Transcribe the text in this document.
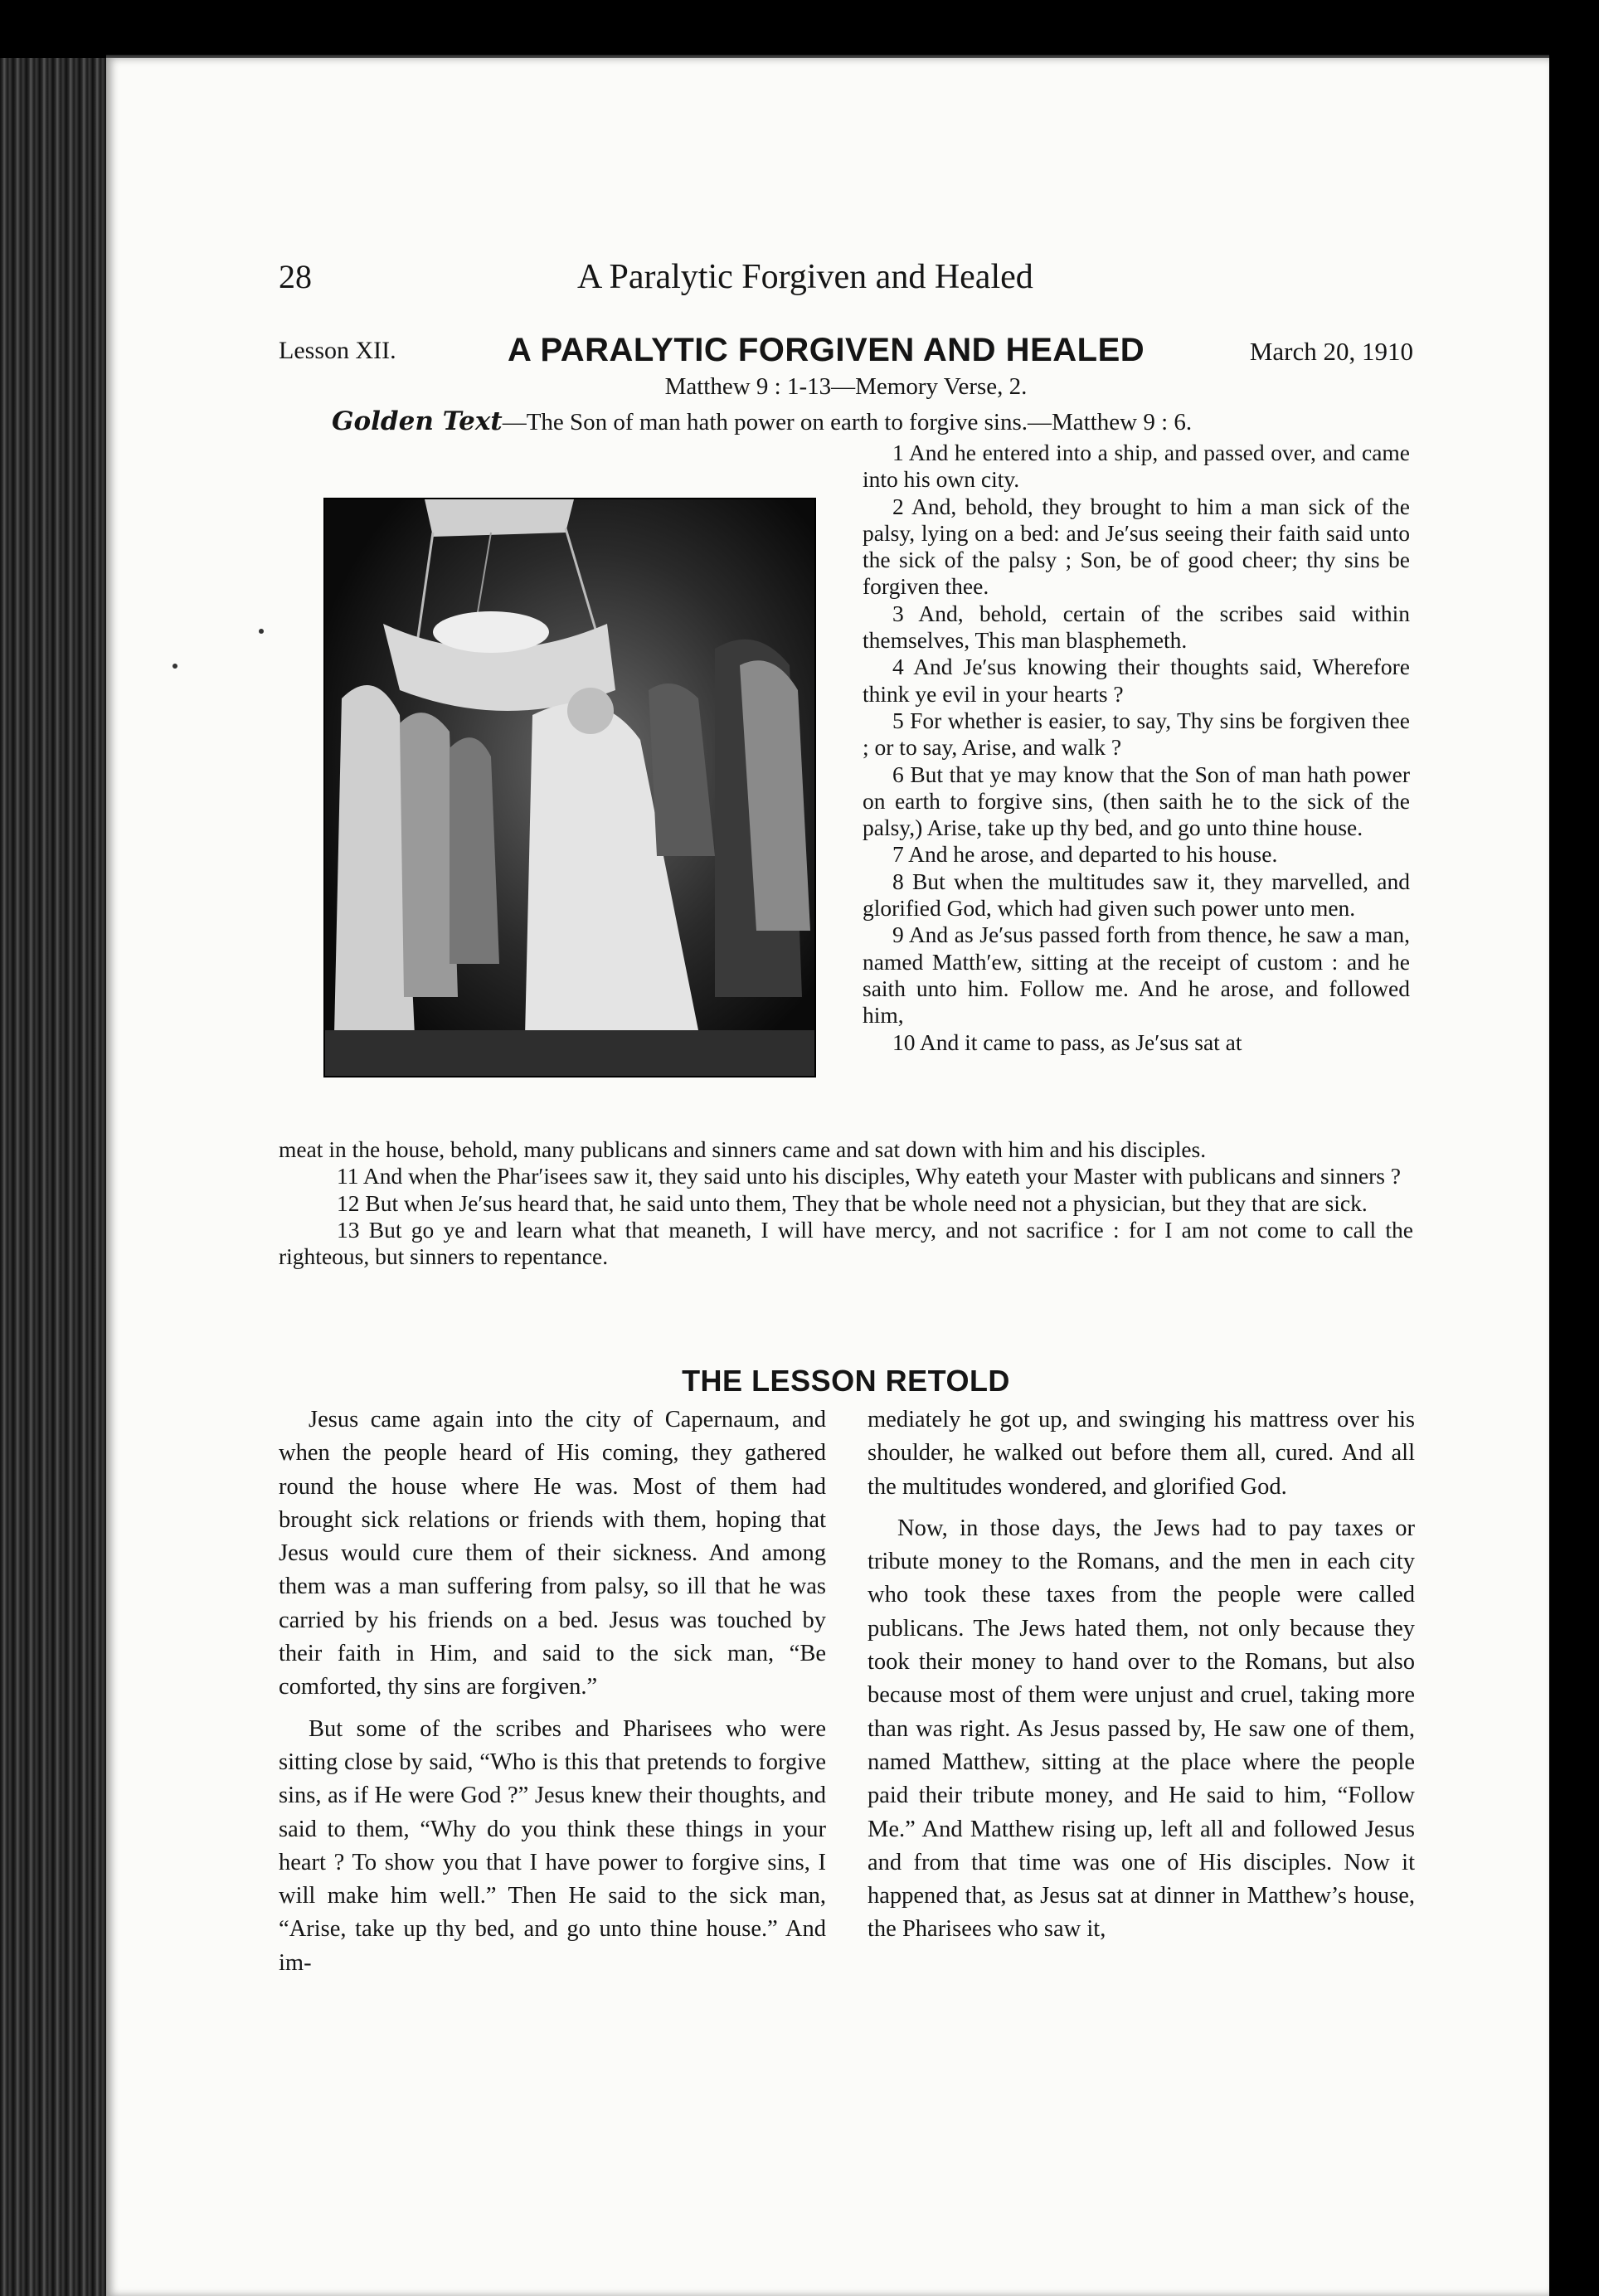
28	A Paralytic Forgiven and Healed
Lesson XII.	A PARALYTIC FORGIVEN AND HEALED	March 20, 1910
Matthew 9 : 1-13—Memory Verse, 2.
Golden Text—The Son of man hath power on earth to forgive sins.—Matthew 9 : 6.

1 And he entered into a ship, and passed over, and came into his own city.

2 And, behold, they brought to him a man sick of the palsy, lying on a bed: and Je′sus seeing their faith said unto the sick of the palsy ; Son, be of good cheer; thy sins be forgiven thee.

3 And, behold, certain of the scribes said within themselves, This man blasphemeth.

4 And Je′sus knowing their thoughts said, Wherefore think ye evil in your hearts ?

5 For whether is easier, to say, Thy sins be forgiven thee ; or to say, Arise, and walk ?

6 But that ye may know that the Son of man hath power on earth to forgive sins, (then saith he to the sick of the palsy,) Arise, take up thy bed, and go unto thine house.

7 And he arose, and departed to his house.

8 But when the multitudes saw it, they marvelled, and glorified God, which had given such power unto men.

9 And as Je′sus passed forth from thence, he saw a man, named Matth′ew, sitting at the receipt of custom : and he saith unto him. Follow me. And he arose, and followed him,

10 And it came to pass, as Je′sus sat at

meat in the house, behold, many publicans and sinners came and sat down with him and his disciples.

11 And when the Phar′isees saw it, they said unto his disciples, Why eateth your Master with publicans and sinners ?

12 But when Je′sus heard that, he said unto them, They that be whole need not a physician, but they that are sick.

13 But go ye and learn what that meaneth, I will have mercy, and not sacrifice : for I am not come to call the righteous, but sinners to repentance.

THE LESSON RETOLD

Jesus came again into the city of Capernaum, and when the people heard of His coming, they gathered round the house where He was. Most of them had brought sick relations or friends with them, hoping that Jesus would cure them of their sickness. And among them was a man suffering from palsy, so ill that he was carried by his friends on a bed. Jesus was touched by their faith in Him, and said to the sick man, “Be comforted, thy sins are forgiven.”

But some of the scribes and Pharisees who were sitting close by said, “Who is this that pretends to forgive sins, as if He were God ?” Jesus knew their thoughts, and said to them, “Why do you think these things in your heart ? To show you that I have power to forgive sins, I will make him well.” Then He said to the sick man, “Arise, take up thy bed, and go unto thine house.” And im-

mediately he got up, and swinging his mattress over his shoulder, he walked out before them all, cured. And all the multitudes wondered, and glorified God.

Now, in those days, the Jews had to pay taxes or tribute money to the Romans, and the men in each city who took these taxes from the people were called publicans. The Jews hated them, not only because they took their money to hand over to the Romans, but also because most of them were unjust and cruel, taking more than was right. As Jesus passed by, He saw one of them, named Matthew, sitting at the place where the people paid their tribute money, and He said to him, “Follow Me.” And Matthew rising up, left all and followed Jesus and from that time was one of His disciples. Now it happened that, as Jesus sat at dinner in Matthew’s house, the Pharisees who saw it,
